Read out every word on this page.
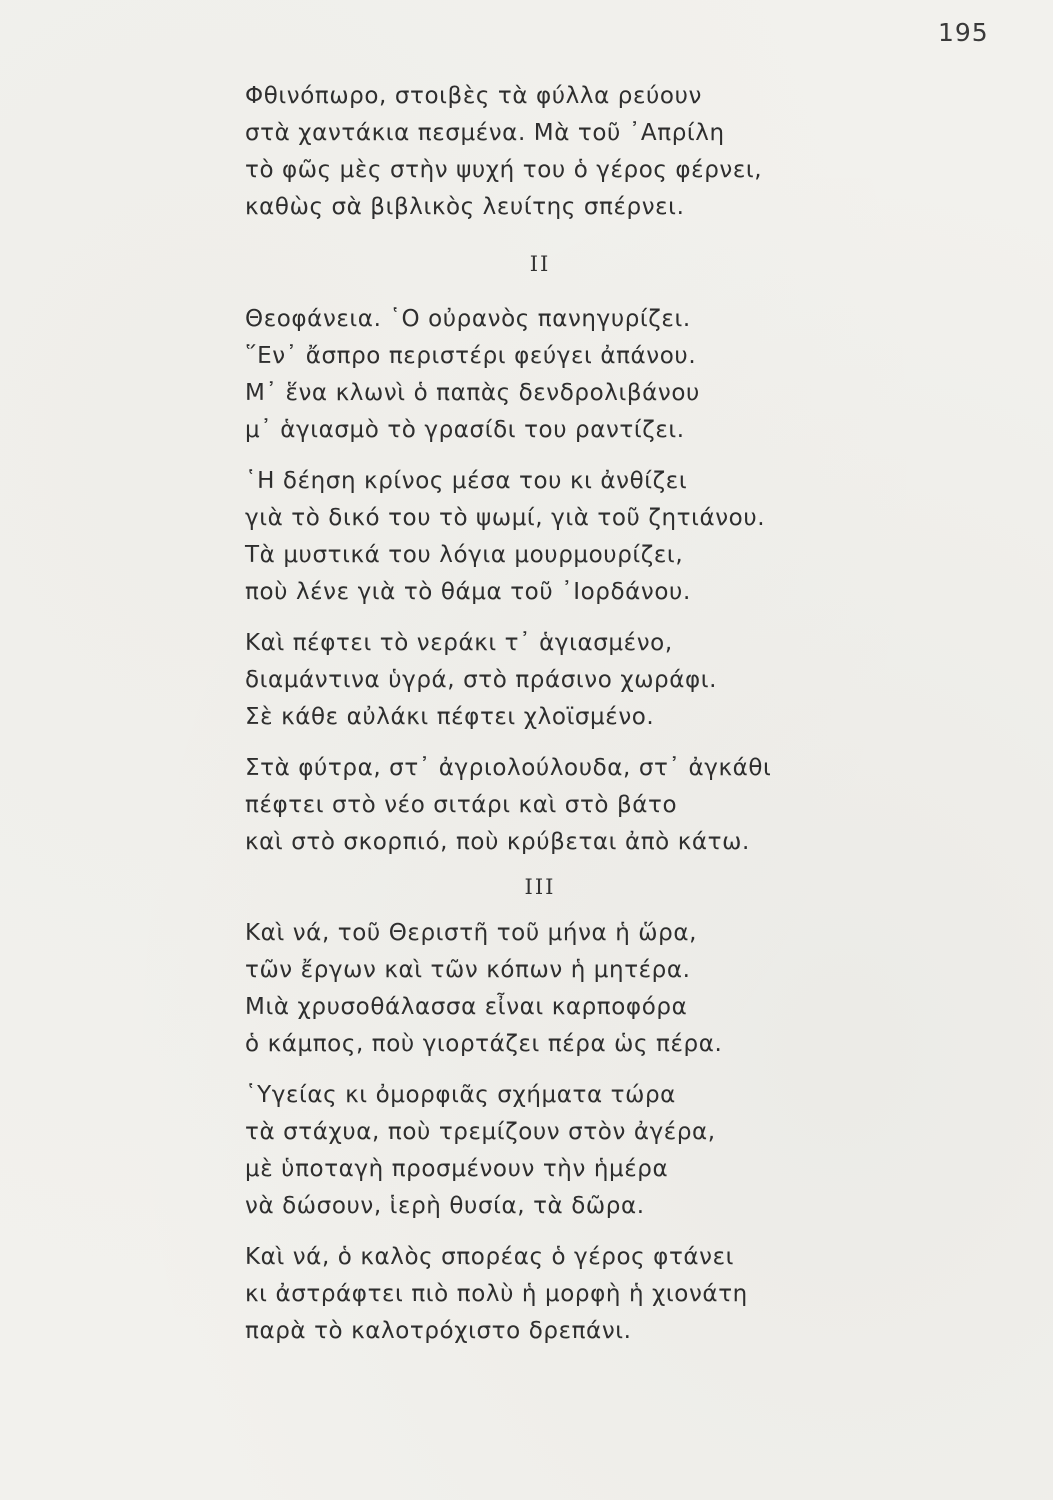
195
Φθινόπωρο, στοιβὲς τὰ φύλλα ρεύουν
στὰ χαντάκια πεσμένα. Μὰ τοῦ ᾿Απρίλη
τὸ φῶς μὲς στὴν ψυχή του ὁ γέρος φέρνει,
καθὼς σὰ βιβλικὸς λευίτης σπέρνει.
II
Θεοφάνεια. ῾Ο οὐρανὸς πανηγυρίζει.
῞Εν᾿ ἄσπρο περιστέρι φεύγει ἀπάνου.
Μ᾿ ἕνα κλωνὶ ὁ παπὰς δενδρολιβάνου
μ᾿ ἁγιασμὸ τὸ γρασίδι του ραντίζει.
῾Η δέηση κρίνος μέσα του κι ἀνθίζει
γιὰ τὸ δικό του τὸ ψωμί, γιὰ τοῦ ζητιάνου.
Τὰ μυστικά του λόγια μουρμουρίζει,
ποὺ λένε γιὰ τὸ θάμα τοῦ ᾿Ιορδάνου.
Καὶ πέφτει τὸ νεράκι τ᾿ ἁγιασμένο,
διαμάντινα ὑγρά, στὸ πράσινο χωράφι.
Σὲ κάθε αὐλάκι πέφτει χλοϊσμένο.
Στὰ φύτρα, στ᾿ ἀγριολούλουδα, στ᾿ ἀγκάθι
πέφτει στὸ νέο σιτάρι καὶ στὸ βάτο
καὶ στὸ σκορπιό, ποὺ κρύβεται ἀπὸ κάτω.
III
Καὶ νά, τοῦ Θεριστῆ τοῦ μήνα ἡ ὥρα,
τῶν ἔργων καὶ τῶν κόπων ἡ μητέρα.
Μιὰ χρυσοθάλασσα εἶναι καρποφόρα
ὁ κάμπος, ποὺ γιορτάζει πέρα ὡς πέρα.
῾Υγείας κι ὀμορφιᾶς σχήματα τώρα
τὰ στάχυα, ποὺ τρεμίζουν στὸν ἀγέρα,
μὲ ὑποταγὴ προσμένουν τὴν ἡμέρα
νὰ δώσουν, ἱερὴ θυσία, τὰ δῶρα.
Καὶ νά, ὁ καλὸς σπορέας ὁ γέρος φτάνει
κι ἀστράφτει πιὸ πολὺ ἡ μορφὴ ἡ χιονάτη
παρὰ τὸ καλοτρόχιστο δρεπάνι.
